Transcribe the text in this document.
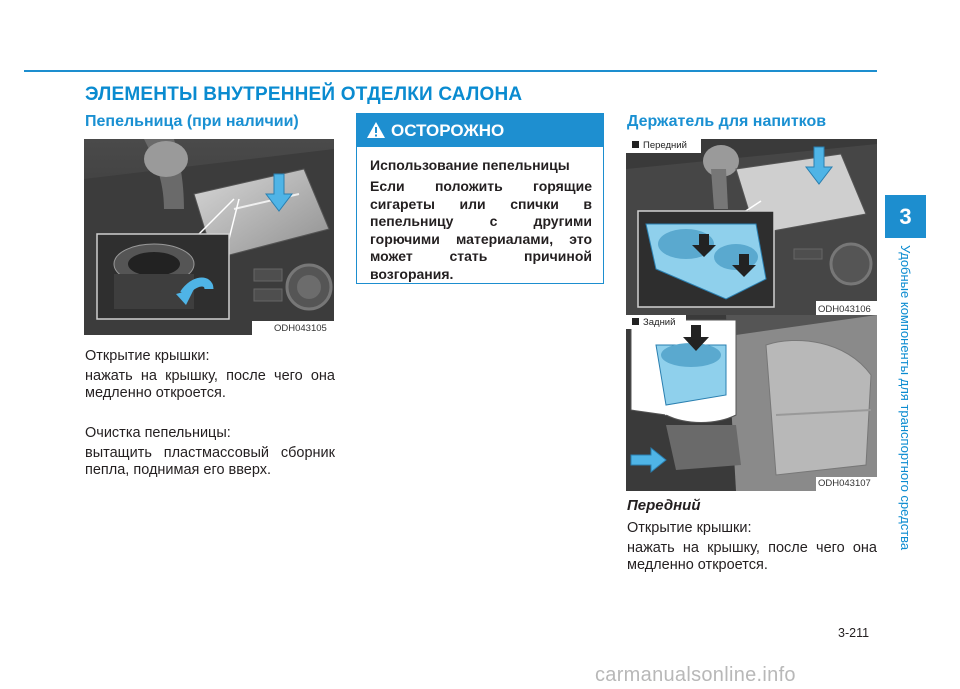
ЭЛЕМЕНТЫ ВНУТРЕННЕЙ ОТДЕЛКИ САЛОНА
Пепельница (при наличии)
ODH043105
Открытие крышки:
нажать на крышку, после чего она медленно откроется.
Очистка пепельницы:
вытащить пластмассовый сборник пепла, поднимая его вверх.
ОСТОРОЖНО
Использование пепельницы
Если положить горящие сигареты или спички в пепельницу с другими горючими материалами, это может стать причиной возгорания.
Держатель для напитков
Передний
ODH043106
Задний
ODH043107
Передний
Открытие крышки:
нажать на крышку, после чего она медленно откроется.
3
Удобные компоненты для транспортного средства
3-211
carmanualsonline.info
